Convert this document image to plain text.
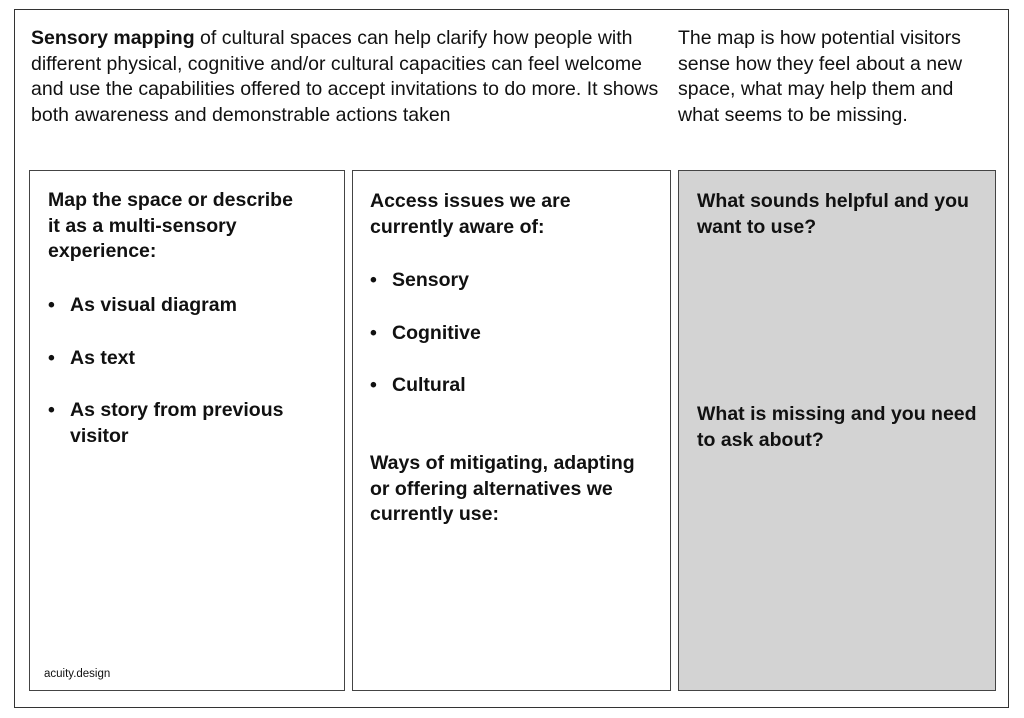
Sensory mapping of cultural spaces can help clarify how people with different physical, cognitive and/or cultural capacities can feel welcome and use the capabilities offered to accept invitations to do more. It shows both awareness and demonstrable actions taken
The map is how potential visitors sense how they feel about a new space, what may help them and what seems to be missing.

Map the space or describe it as a multi-sensory experience:

• As visual diagram
• As text
• As story from previous visitor
acuity.design

Access issues we are currently aware of:

• Sensory
• Cognitive
• Cultural

Ways of mitigating, adapting or offering alternatives we currently use:

What sounds helpful and you want to use?

What is missing and you need to ask about?
